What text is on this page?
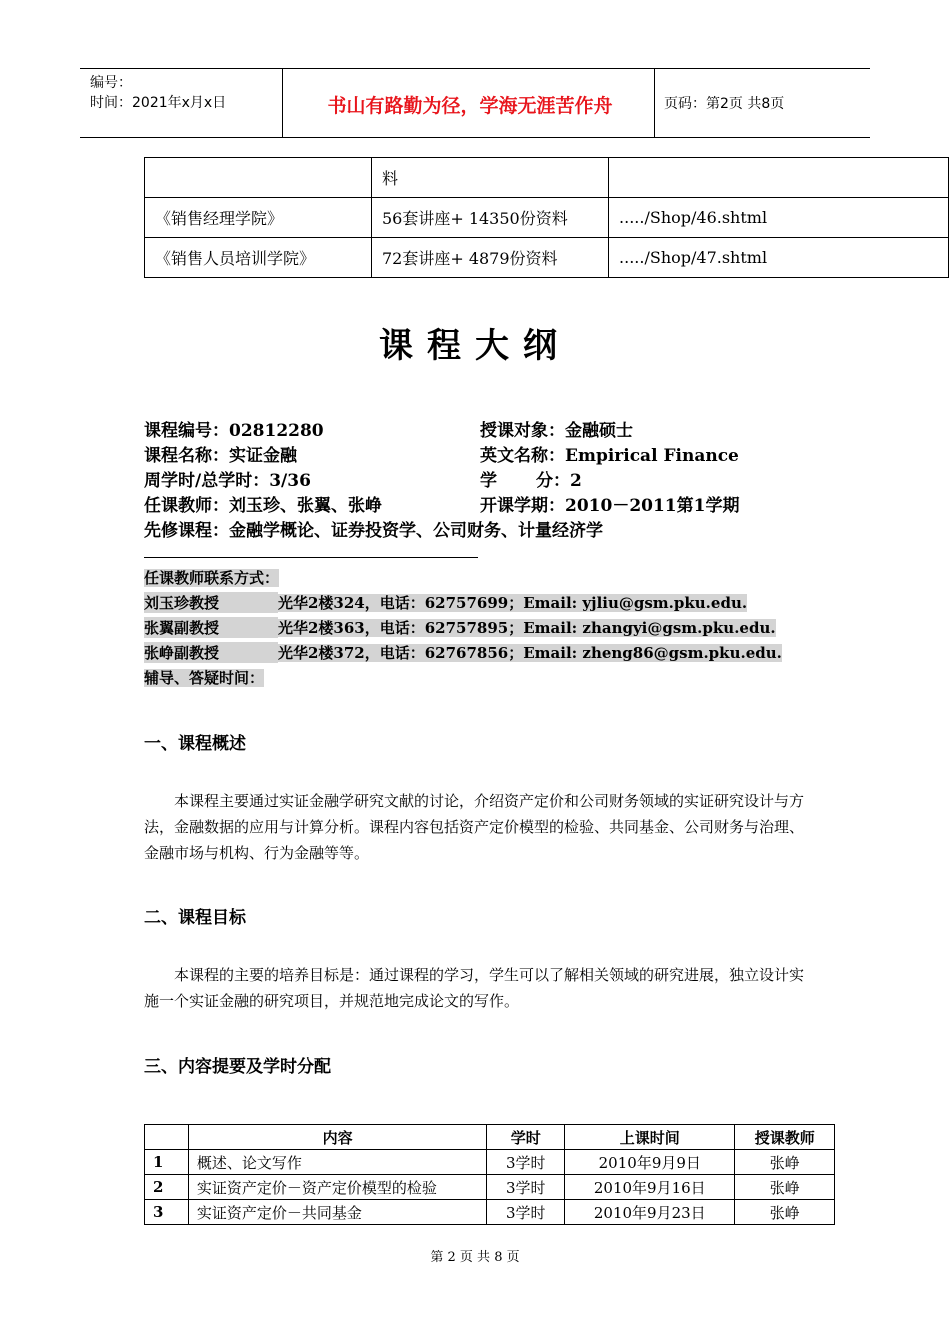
编号：
时间：2021年x月x日	书山有路勤为径，学海无涯苦作舟	页码：第2页 共8页
	料	
《销售经理学院》	56套讲座+ 14350份资料	...../Shop/46.shtml
《销售人员培训学院》	72套讲座+ 4879份资料	...../Shop/47.shtml
课程大纲
课程编号：02812280	授课对象：金融硕士
课程名称：实证金融	英文名称：Empirical Finance
周学时/总学时：3/36	学 分：2
任课教师：刘玉珍、张翼、张峥	开课学期：2010－2011第1学期
先修课程：金融学概论、证券投资学、公司财务、计量经济学
任课教师联系方式：
刘玉珍教授	光华2楼324，电话：62757699；Email: yjliu@gsm.pku.edu.
张翼副教授	光华2楼363，电话：62757895；Email: zhangyi@gsm.pku.edu.
张峥副教授	光华2楼372，电话：62767856；Email: zheng86@gsm.pku.edu.
辅导、答疑时间：
一、课程概述
本课程主要通过实证金融学研究文献的讨论，介绍资产定价和公司财务领域的实证研究设计与方法，金融数据的应用与计算分析。课程内容包括资产定价模型的检验、共同基金、公司财务与治理、金融市场与机构、行为金融等等。
二、课程目标
本课程的主要的培养目标是：通过课程的学习，学生可以了解相关领域的研究进展，独立设计实施一个实证金融的研究项目，并规范地完成论文的写作。
三、内容提要及学时分配
	内容	学时	上课时间	授课教师
1	概述、论文写作	3学时	2010年9月9日	张峥
2	实证资产定价－资产定价模型的检验	3学时	2010年9月16日	张峥
3	实证资产定价－共同基金	3学时	2010年9月23日	张峥
第 2 页 共 8 页
